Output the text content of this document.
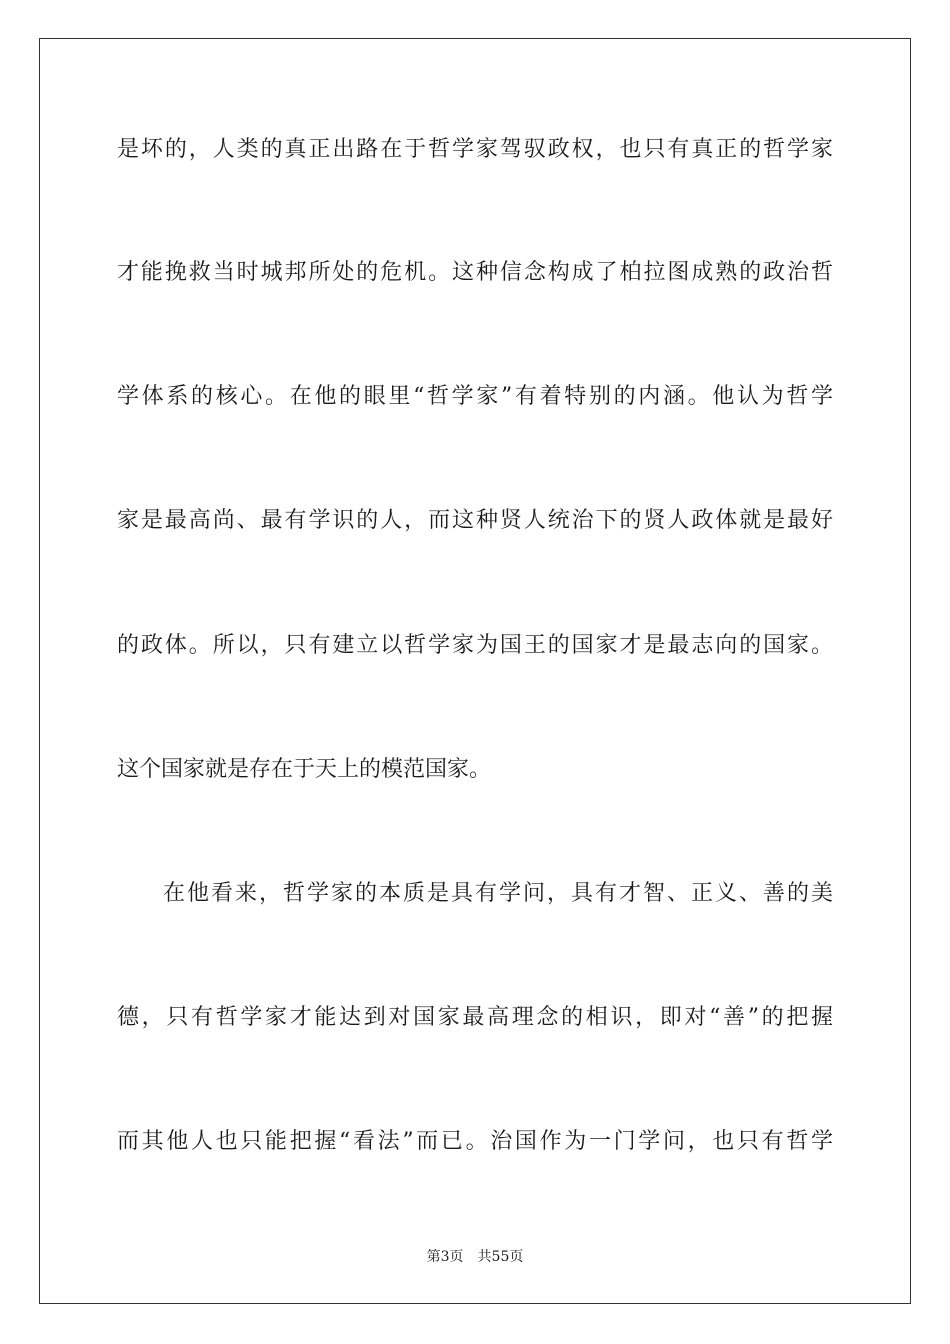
是坏的，人类的真正出路在于哲学家驾驭政权，也只有真正的哲学家
才能挽救当时城邦所处的危机。这种信念构成了柏拉图成熟的政治哲
学体系的核心。在他的眼里“哲学家”有着特别的内涵。他认为哲学
家是最高尚、最有学识的人，而这种贤人统治下的贤人政体就是最好
的政体。所以，只有建立以哲学家为国王的国家才是最志向的国家。
这个国家就是存在于天上的模范国家。
在他看来，哲学家的本质是具有学问，具有才智、正义、善的美
德，只有哲学家才能达到对国家最高理念的相识，即对“善”的把握
而其他人也只能把握“看法”而已。治国作为一门学问，也只有哲学
第3页 共55页
